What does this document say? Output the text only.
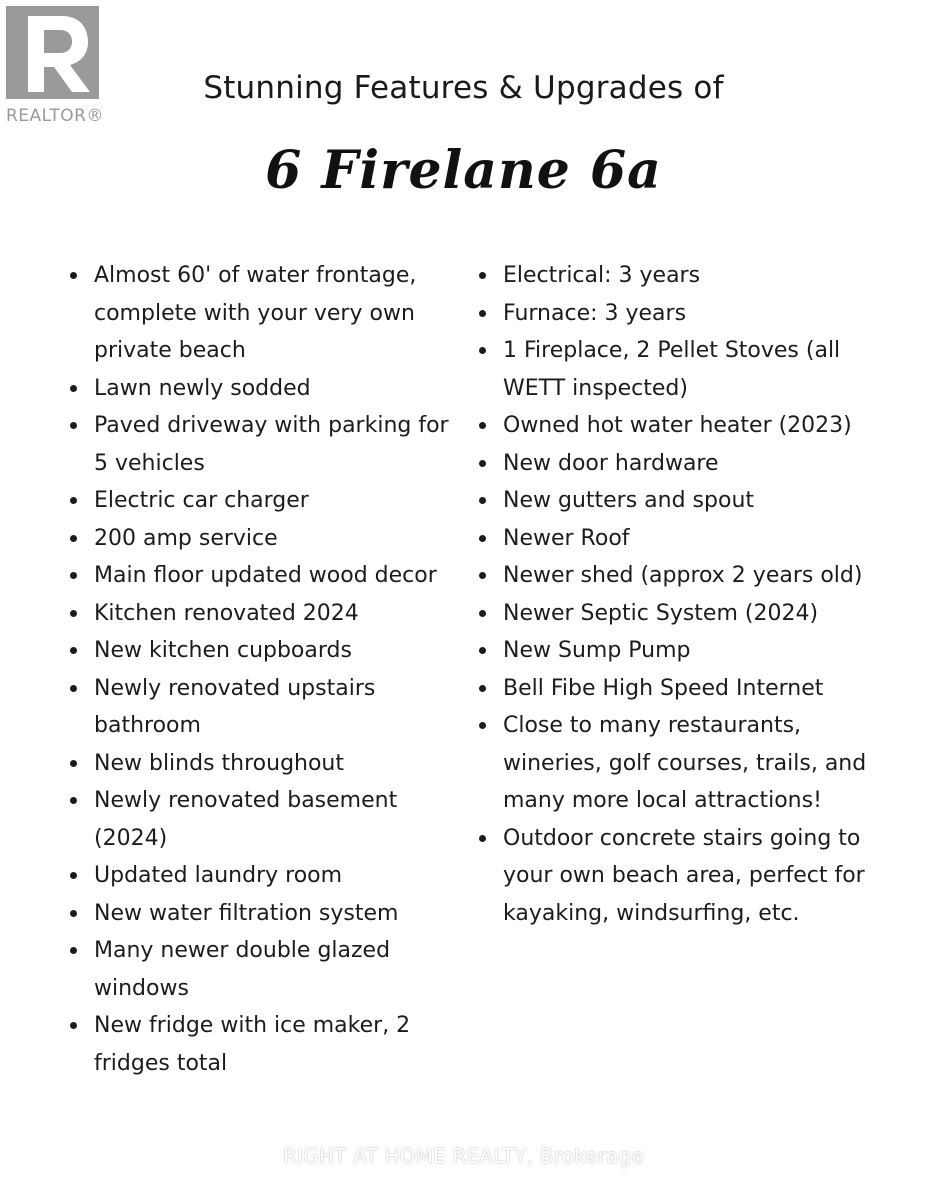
REALTOR®
Stunning Features & Upgrades of
6 Firelane 6a
Almost 60' of water frontage, complete with your very own private beach
Lawn newly sodded
Paved driveway with parking for 5 vehicles
Electric car charger
200 amp service
Main floor updated wood decor
Kitchen renovated 2024
New kitchen cupboards
Newly renovated upstairs bathroom
New blinds throughout
Newly renovated basement (2024)
Updated laundry room
New water filtration system
Many newer double glazed windows
New fridge with ice maker, 2 fridges total
Electrical: 3 years
Furnace: 3 years
1 Fireplace, 2 Pellet Stoves (all WETT inspected)
Owned hot water heater (2023)
New door hardware
New gutters and spout
Newer Roof
Newer shed (approx 2 years old)
Newer Septic System (2024)
New Sump Pump
Bell Fibe High Speed Internet
Close to many restaurants, wineries, golf courses, trails, and many more local attractions!
Outdoor concrete stairs going to your own beach area, perfect for kayaking, windsurfing, etc.
RIGHT AT HOME REALTY, Brokerage
